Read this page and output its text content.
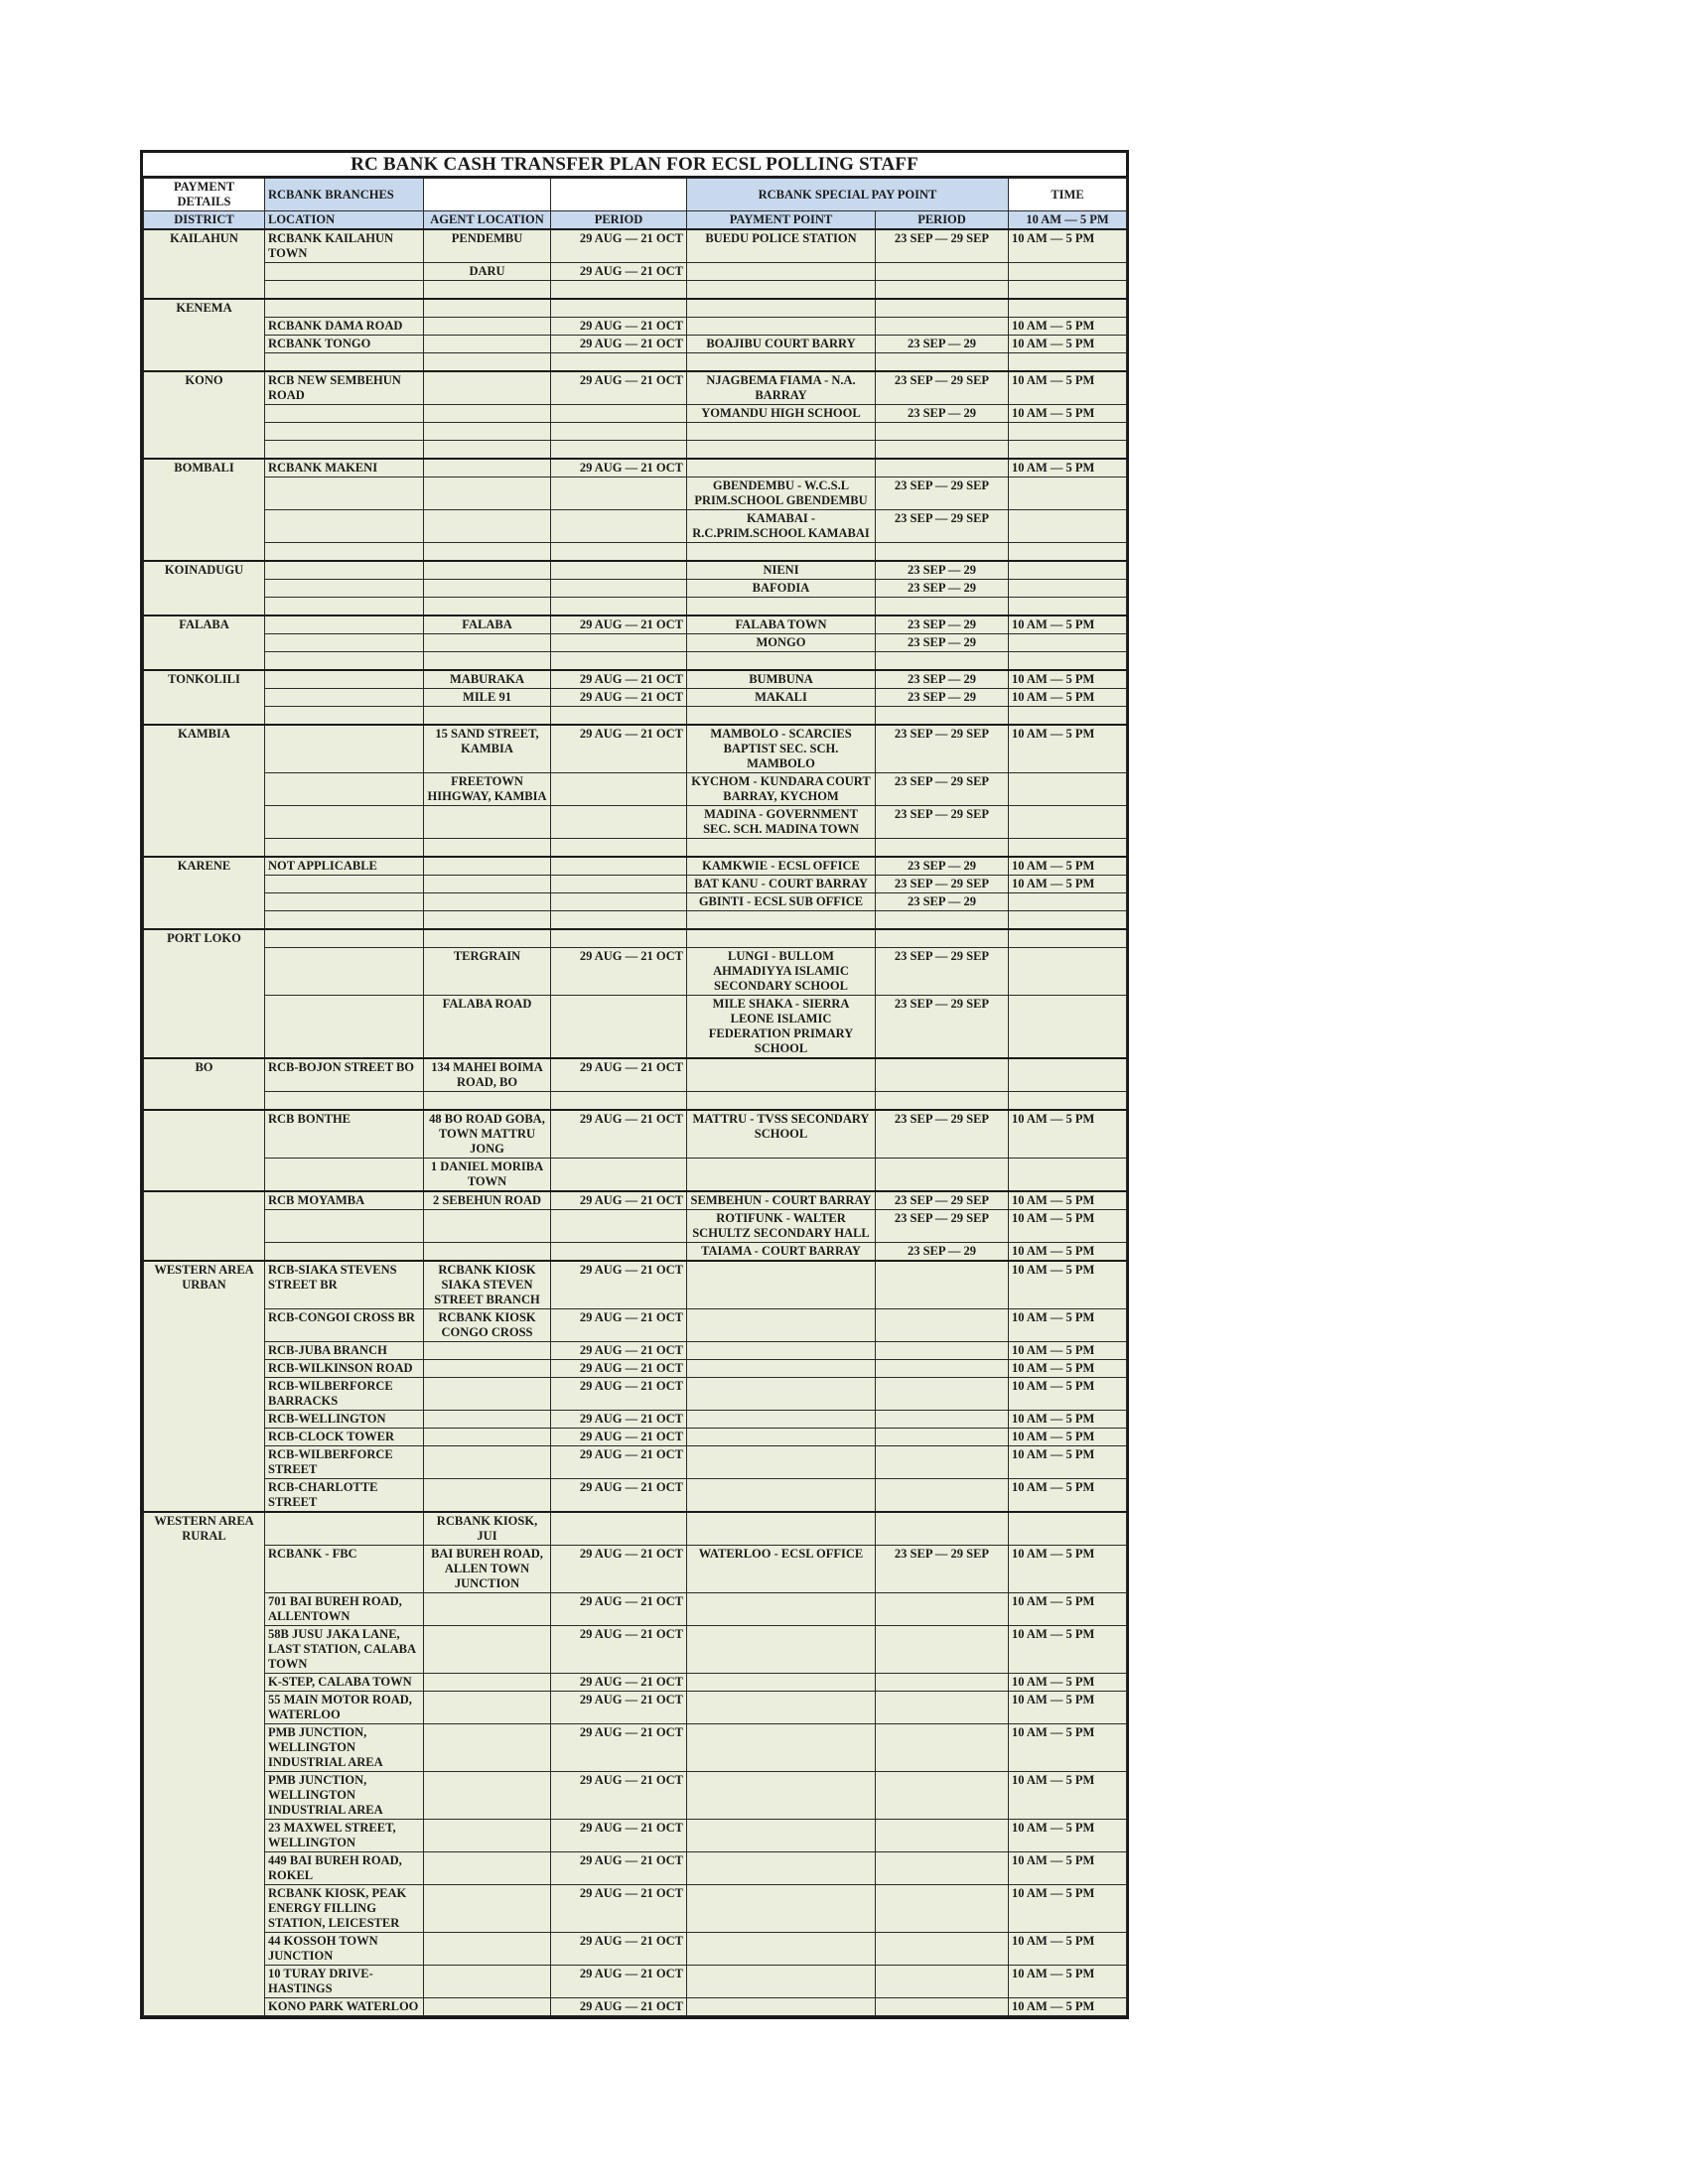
RC BANK CASH TRANSFER PLAN FOR ECSL POLLING STAFF
PAYMENT DETAILS	RCBANK BRANCHES			RCBANK SPECIAL PAY POINT		TIME
DISTRICT	LOCATION	AGENT LOCATION	PERIOD	PAYMENT POINT	PERIOD	10 AM — 5 PM
KAILAHUN	RCBANK KAILAHUN TOWN	PENDEMBU	29 AUG — 21 OCT	BUEDU POLICE STATION	23 SEP — 29 SEP	10 AM — 5 PM
		DARU	29 AUG — 21 OCT			

KENEMA						
	RCBANK DAMA ROAD		29 AUG — 21 OCT			10 AM — 5 PM
	RCBANK TONGO		29 AUG — 21 OCT	BOAJIBU COURT BARRY	23 SEP — 29	10 AM — 5 PM

KONO	RCB NEW SEMBEHUN ROAD		29 AUG — 21 OCT	NJAGBEMA FIAMA - N.A. BARRAY	23 SEP — 29 SEP	10 AM — 5 PM
				YOMANDU HIGH SCHOOL	23 SEP — 29	10 AM — 5 PM

BOMBALI	RCBANK MAKENI		29 AUG — 21 OCT			10 AM — 5 PM
				GBENDEMBU - W.C.S.L PRIM.SCHOOL GBENDEMBU	23 SEP — 29 SEP	
				KAMABAI - R.C.PRIM.SCHOOL KAMABAI	23 SEP — 29 SEP	

KOINADUGU				NIENI	23 SEP — 29	
				BAFODIA	23 SEP — 29	

FALABA		FALABA	29 AUG — 21 OCT	FALABA TOWN	23 SEP — 29	10 AM — 5 PM
				MONGO	23 SEP — 29	

TONKOLILI		MABURAKA	29 AUG — 21 OCT	BUMBUNA	23 SEP — 29	10 AM — 5 PM
		MILE 91	29 AUG — 21 OCT	MAKALI	23 SEP — 29	10 AM — 5 PM

KAMBIA		15 SAND STREET, KAMBIA	29 AUG — 21 OCT	MAMBOLO - SCARCIES BAPTIST SEC. SCH. MAMBOLO	23 SEP — 29 SEP	10 AM — 5 PM
		FREETOWN HIHGWAY, KAMBIA		KYCHOM - KUNDARA COURT BARRAY, KYCHOM	23 SEP — 29 SEP	
				MADINA - GOVERNMENT SEC. SCH. MADINA TOWN	23 SEP — 29 SEP	

KARENE	NOT APPLICABLE			KAMKWIE - ECSL OFFICE	23 SEP — 29	10 AM — 5 PM
				BAT KANU - COURT BARRAY	23 SEP — 29 SEP	10 AM — 5 PM
				GBINTI - ECSL SUB OFFICE	23 SEP — 29	

PORT LOKO						
		TERGRAIN	29 AUG — 21 OCT	LUNGI - BULLOM AHMADIYYA ISLAMIC SECONDARY SCHOOL	23 SEP — 29 SEP	
		FALABA ROAD		MILE SHAKA - SIERRA LEONE ISLAMIC FEDERATION PRIMARY SCHOOL	23 SEP — 29 SEP	
BO	RCB-BOJON STREET BO	134 MAHEI BOIMA ROAD, BO	29 AUG — 21 OCT			

	RCB BONTHE	48 BO ROAD GOBA, TOWN MATTRU JONG	29 AUG — 21 OCT	MATTRU - TVSS SECONDARY SCHOOL	23 SEP — 29 SEP	10 AM — 5 PM
		1 DANIEL MORIBA TOWN				
	RCB MOYAMBA	2 SEBEHUN ROAD	29 AUG — 21 OCT	SEMBEHUN - COURT BARRAY	23 SEP — 29 SEP	10 AM — 5 PM
				ROTIFUNK - WALTER SCHULTZ SECONDARY HALL	23 SEP — 29 SEP	10 AM — 5 PM
				TAIAMA - COURT BARRAY	23 SEP — 29	10 AM — 5 PM
WESTERN AREA URBAN	RCB-SIAKA STEVENS STREET BR	RCBANK KIOSK SIAKA STEVEN STREET BRANCH	29 AUG — 21 OCT			10 AM — 5 PM
	RCB-CONGOI CROSS BR	RCBANK KIOSK CONGO CROSS	29 AUG — 21 OCT			10 AM — 5 PM
	RCB-JUBA BRANCH		29 AUG — 21 OCT			10 AM — 5 PM
	RCB-WILKINSON ROAD		29 AUG — 21 OCT			10 AM — 5 PM
	RCB-WILBERFORCE BARRACKS		29 AUG — 21 OCT			10 AM — 5 PM
	RCB-WELLINGTON		29 AUG — 21 OCT			10 AM — 5 PM
	RCB-CLOCK TOWER		29 AUG — 21 OCT			10 AM — 5 PM
	RCB-WILBERFORCE STREET		29 AUG — 21 OCT			10 AM — 5 PM
	RCB-CHARLOTTE STREET		29 AUG — 21 OCT			10 AM — 5 PM
WESTERN AREA RURAL		RCBANK KIOSK, JUI				
	RCBANK - FBC	BAI BUREH ROAD, ALLEN TOWN JUNCTION	29 AUG — 21 OCT	WATERLOO - ECSL OFFICE	23 SEP — 29 SEP	10 AM — 5 PM
	701 BAI BUREH ROAD, ALLENTOWN		29 AUG — 21 OCT			10 AM — 5 PM
	58B JUSU JAKA LANE, LAST STATION, CALABA TOWN		29 AUG — 21 OCT			10 AM — 5 PM
	K-STEP, CALABA TOWN		29 AUG — 21 OCT			10 AM — 5 PM
	55 MAIN MOTOR ROAD, WATERLOO		29 AUG — 21 OCT			10 AM — 5 PM
	PMB JUNCTION, WELLINGTON INDUSTRIAL AREA		29 AUG — 21 OCT			10 AM — 5 PM
	PMB JUNCTION, WELLINGTON INDUSTRIAL AREA		29 AUG — 21 OCT			10 AM — 5 PM
	23 MAXWEL STREET, WELLINGTON		29 AUG — 21 OCT			10 AM — 5 PM
	449 BAI BUREH ROAD, ROKEL		29 AUG — 21 OCT			10 AM — 5 PM
	RCBANK KIOSK, PEAK ENERGY FILLING STATION, LEICESTER		29 AUG — 21 OCT			10 AM — 5 PM
	44 KOSSOH TOWN JUNCTION		29 AUG — 21 OCT			10 AM — 5 PM
	10 TURAY DRIVE-HASTINGS		29 AUG — 21 OCT			10 AM — 5 PM
	KONO PARK WATERLOO		29 AUG — 21 OCT			10 AM — 5 PM
